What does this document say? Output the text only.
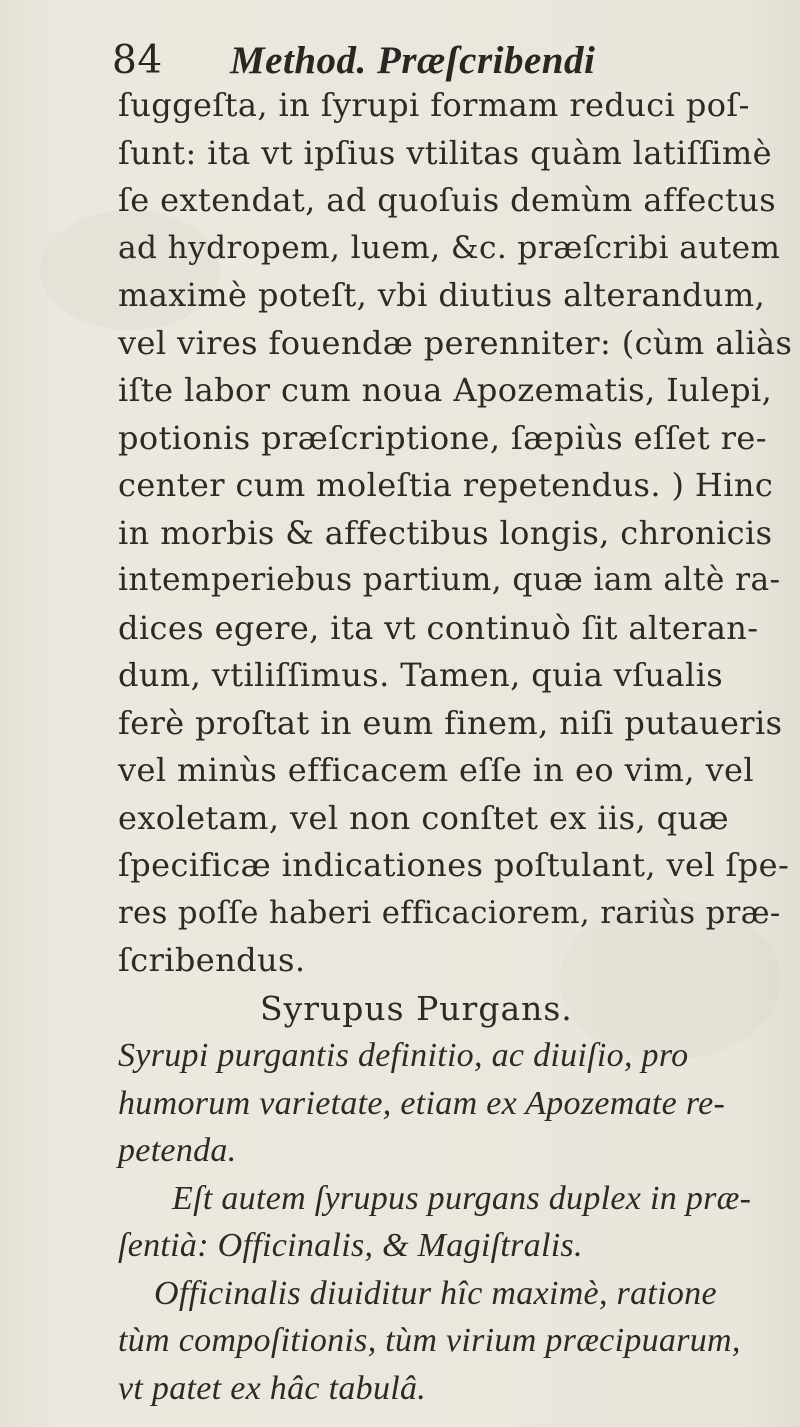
84 Method. Præſcribendi
ſuggeſta, in ſyrupi formam reduci poſ-
ſunt: ita vt ipſius vtilitas quàm latiſſimè
ſe extendat, ad quoſuis demùm affectus
ad hydropem, luem, &c. præſcribi autem
maximè poteſt, vbi diutius alterandum,
vel vires fouendæ perenniter: (cùm aliàs
iſte labor cum noua Apozematis, Iulepi,
potionis præſcriptione, ſæpiùs eſſet re-
center cum moleſtia repetendus. ) Hinc
in morbis & affectibus longis, chronicis
intemperiebus partium, quæ iam altè ra-
dices egere, ita vt continuò ſit alteran-
dum, vtiliſſimus. Tamen, quia vſualis
ferè proſtat in eum finem, niſi putaueris
vel minùs efficacem eſſe in eo vim, vel
exoletam, vel non conſtet ex iis, quæ
ſpecificæ indicationes poſtulant, vel ſpe-
res poſſe haberi efficaciorem, rariùs præ-
ſcribendus.
Syrupus Purgans.
Syrupi purgantis definitio, ac diuiſio, pro
humorum varietate, etiam ex Apozemate re-
petenda.
Eſt autem ſyrupus purgans duplex in præ-
ſentià: Officinalis, & Magiſtralis.
Officinalis diuiditur hîc maximè, ratione
tùm compoſitionis, tùm virium præcipuarum,
vt patet ex hâc tabulâ.
